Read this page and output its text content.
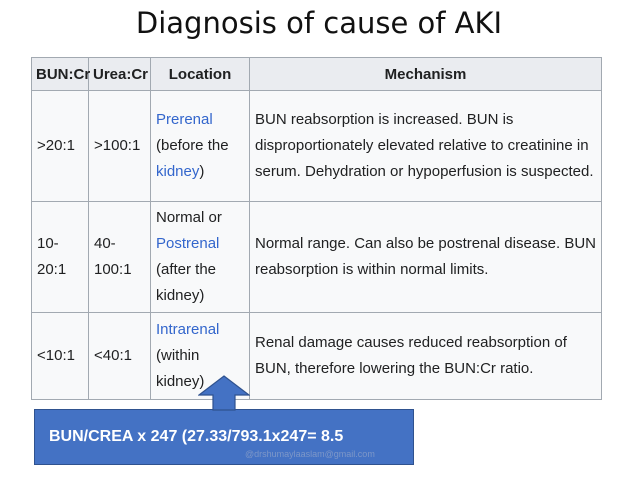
Diagnosis of cause of AKI
BUN:Cr	Urea:Cr	Location	Mechanism
>20:1	>100:1	Prerenal (before the kidney)	BUN reabsorption is increased. BUN is disproportionately elevated relative to creatinine in serum. Dehydration or hypoperfusion is suspected.
10-20:1	40-100:1	Normal or Postrenal (after the kidney)	Normal range. Can also be postrenal disease. BUN reabsorption is within normal limits.
<10:1	<40:1	Intrarenal (within kidney)	Renal damage causes reduced reabsorption of BUN, therefore lowering the BUN:Cr ratio.
BUN/CREA x 247 (27.33/793.1x247= 8.5
@drshumaylaaslam@gmail.com
